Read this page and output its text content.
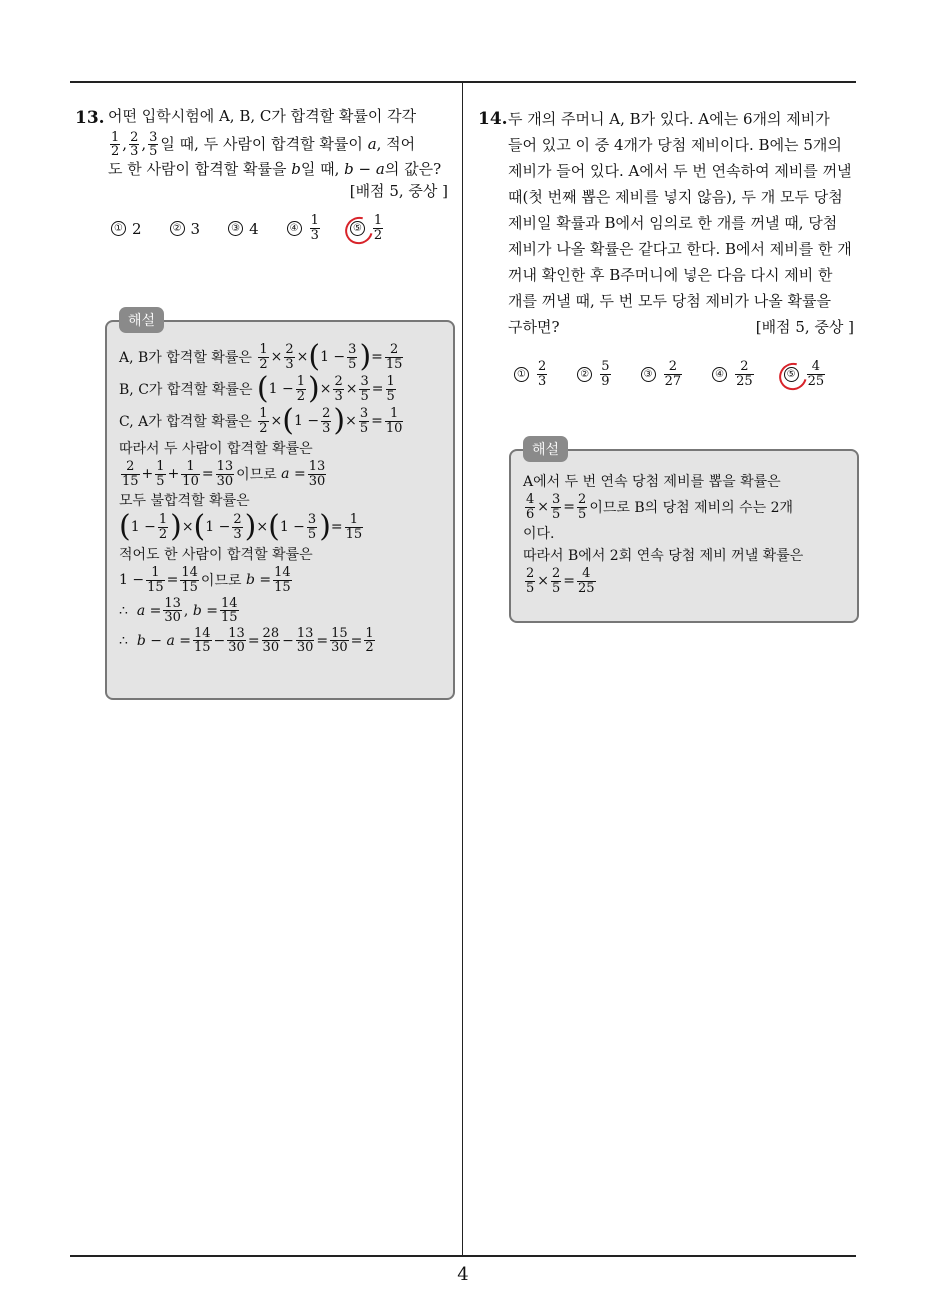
4
13. 어떤 입학시험에 A, B, C가 합격할 확률이 각각
$\frac{1}{2}$ , $\frac{2}{3}$ , $\frac{3}{5}$ 일 때, 두 사람이 합격할 확률이
a , 적어
도 한 사람이 합격할 확률을 b일 때, b − a의 값은?
[배점 5, 중상 ]
① 2	② 3	③ 4	④ $\frac{1}{3}$	⑤ $\frac{1}{2}$
A, B가 합격할 확률은
$\frac{1}{2} \times \frac{2}{3}$ × ( $1 - \frac{3}{5}$ ) = $\frac{2}{15}$
B, C가 합격할 확률은
( $1 - \frac{1}{2}$ ) × $\frac{2}{3} \times \frac{3}{5} = \frac{1}{5}$
C, A가 합격할 확률은
$\frac{1}{2}$ × ( $1 - \frac{2}{3}$ ) × $\frac{3}{5} = \frac{1}{10}$
따라서 두 사람이 합격할 확률은
$\frac{2}{15} + \frac{1}{5} + \frac{1}{10} = \frac{13}{30}$ 이므로
$a = \frac{13}{30}$
모두 불합격할 확률은
( $1 - \frac{1}{2}$ ) × ( $1 - \frac{2}{3}$ ) × ( $1 - \frac{3}{5}$ ) = $\frac{1}{15}$
적어도 한 사람이 합격할 확률은
$1 - \frac{1}{15} = \frac{14}{15}$ 이므로
$b = \frac{14}{15}$
∴
$a = \frac{13}{30}$ , $b = \frac{14}{15}$
∴
$b - a = \frac{14}{15} - \frac{13}{30} = \frac{28}{30} - \frac{13}{30} = \frac{15}{30} = \frac{1}{2}$
해설
14. 두 개의 주머니 A, B가 있다. A에는 6개의 제비가
들어 있고 이 중 4개가 당첨 제비이다. B에는 5개의
제비가 들어 있다. A에서 두 번 연속하여 제비를 꺼낼
때(첫 번째 뽑은 제비를 넣지 않음), 두 개 모두 당첨
제비일 확률과 B에서 임의로 한 개를 꺼낼 때, 당첨
제비가 나올 확률은 같다고 한다. B에서 제비를 한 개
꺼내 확인한 후 B주머니에 넣은 다음 다시 제비 한
개를 꺼낼 때, 두 번 모두 당첨 제비가 나올 확률을
구하면?	[배점 5, 중상 ]
① $\frac{2}{3}$	② $\frac{5}{9}$	③ $\frac{2}{27}$	④ $\frac{2}{25}$	⑤ $\frac{4}{25}$
A에서 두 번 연속 당첨 제비를 뽑을 확률은
$\frac{4}{6} \times \frac{3}{5} = \frac{2}{5}$ 이므로 B의 당첨 제비의 수는 2개
이다.
따라서 B에서 2회 연속 당첨 제비 꺼낼 확률은
$\frac{2}{5} \times \frac{2}{5} = \frac{4}{25}$
해설
